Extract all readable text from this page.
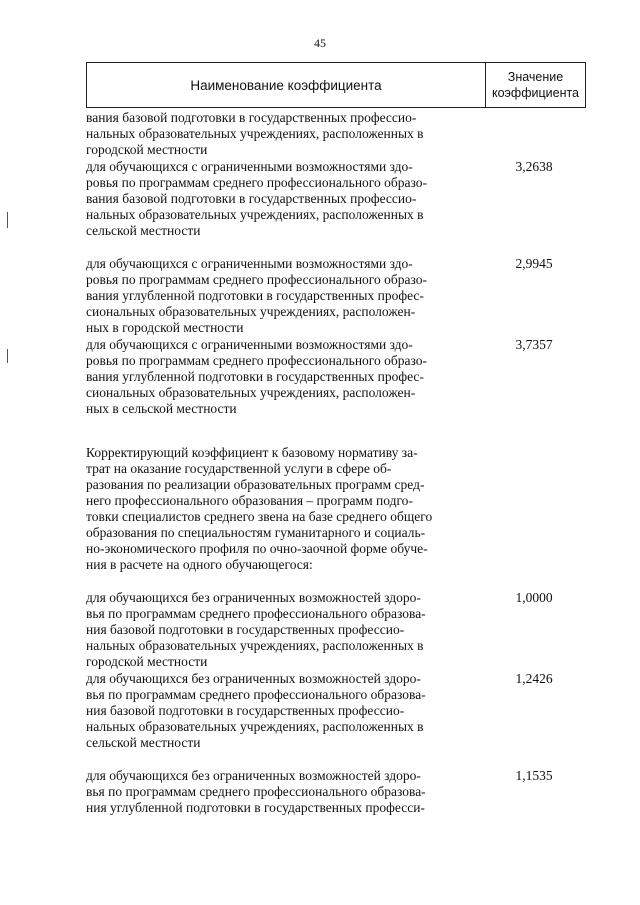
45
Наименование коэффициента
Значение
коэффициента
вания базовой подготовки в государственных профессио-
нальных образовательных учреждениях, расположенных в
городской местности
для обучающихся с ограниченными возможностями здо-
ровья по программам среднего профессионального образо-
вания базовой подготовки в государственных профессио-
нальных образовательных учреждениях, расположенных в
сельской местности
3,2638
для обучающихся с ограниченными возможностями здо-
ровья по программам среднего профессионального образо-
вания углубленной подготовки в государственных профес-
сиональных образовательных учреждениях, расположен-
ных в городской местности
2,9945
для обучающихся с ограниченными возможностями здо-
ровья по программам среднего профессионального образо-
вания углубленной подготовки в государственных профес-
сиональных образовательных учреждениях, расположен-
ных в сельской местности
3,7357
Корректирующий коэффициент к базовому нормативу за-
трат на оказание государственной услуги в сфере об-
разования по реализации образовательных программ сред-
него профессионального образования – программ подго-
товки специалистов среднего звена на базе среднего общего
образования по специальностям гуманитарного и социаль-
но-экономического профиля по очно-заочной форме обуче-
ния в расчете на одного обучающегося:
для обучающихся без ограниченных возможностей здоро-
вья по программам среднего профессионального образова-
ния базовой подготовки в государственных профессио-
нальных образовательных учреждениях, расположенных в
городской местности
1,0000
для обучающихся без ограниченных возможностей здоро-
вья по программам среднего профессионального образова-
ния базовой подготовки в государственных профессио-
нальных образовательных учреждениях, расположенных в
сельской местности
1,2426
для обучающихся без ограниченных возможностей здоро-
вья по программам среднего профессионального образова-
ния углубленной подготовки в государственных професси-
1,1535
